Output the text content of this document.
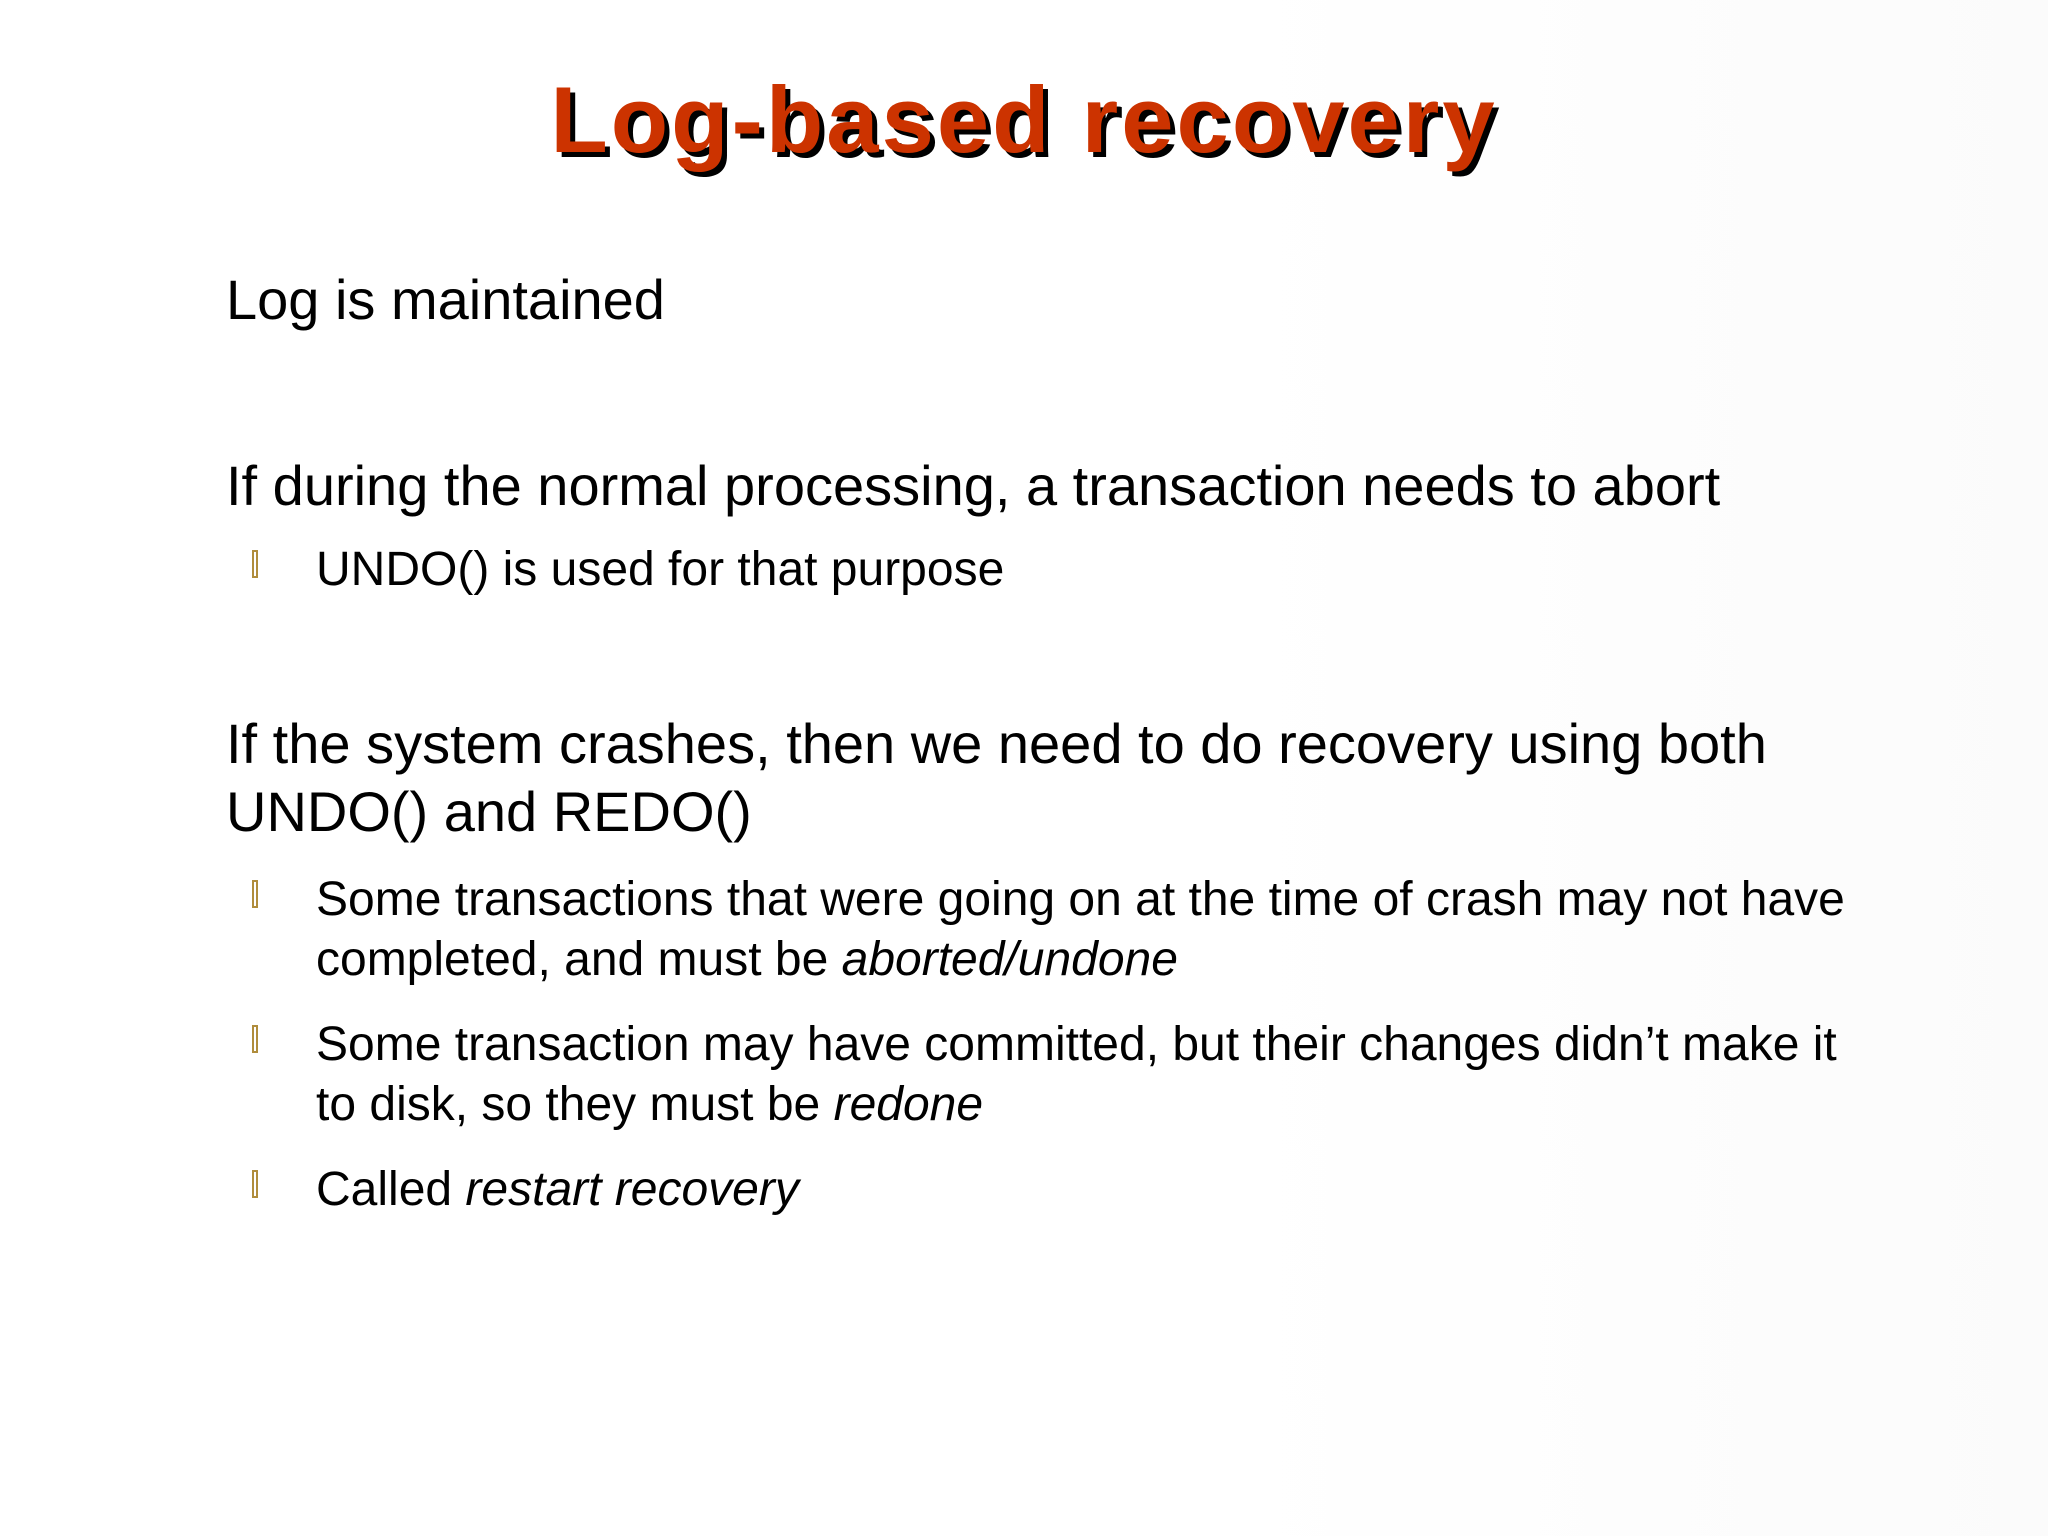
Log-based recovery

Log is maintained

If during the normal processing, a transaction needs to abort

UNDO() is used for that purpose

If the system crashes, then we need to do recovery using both UNDO() and REDO()

Some transactions that were going on at the time of crash may not have completed, and must be aborted/undone

Some transaction may have committed, but their changes didn’t make it to disk, so they must be redone

Called restart recovery
